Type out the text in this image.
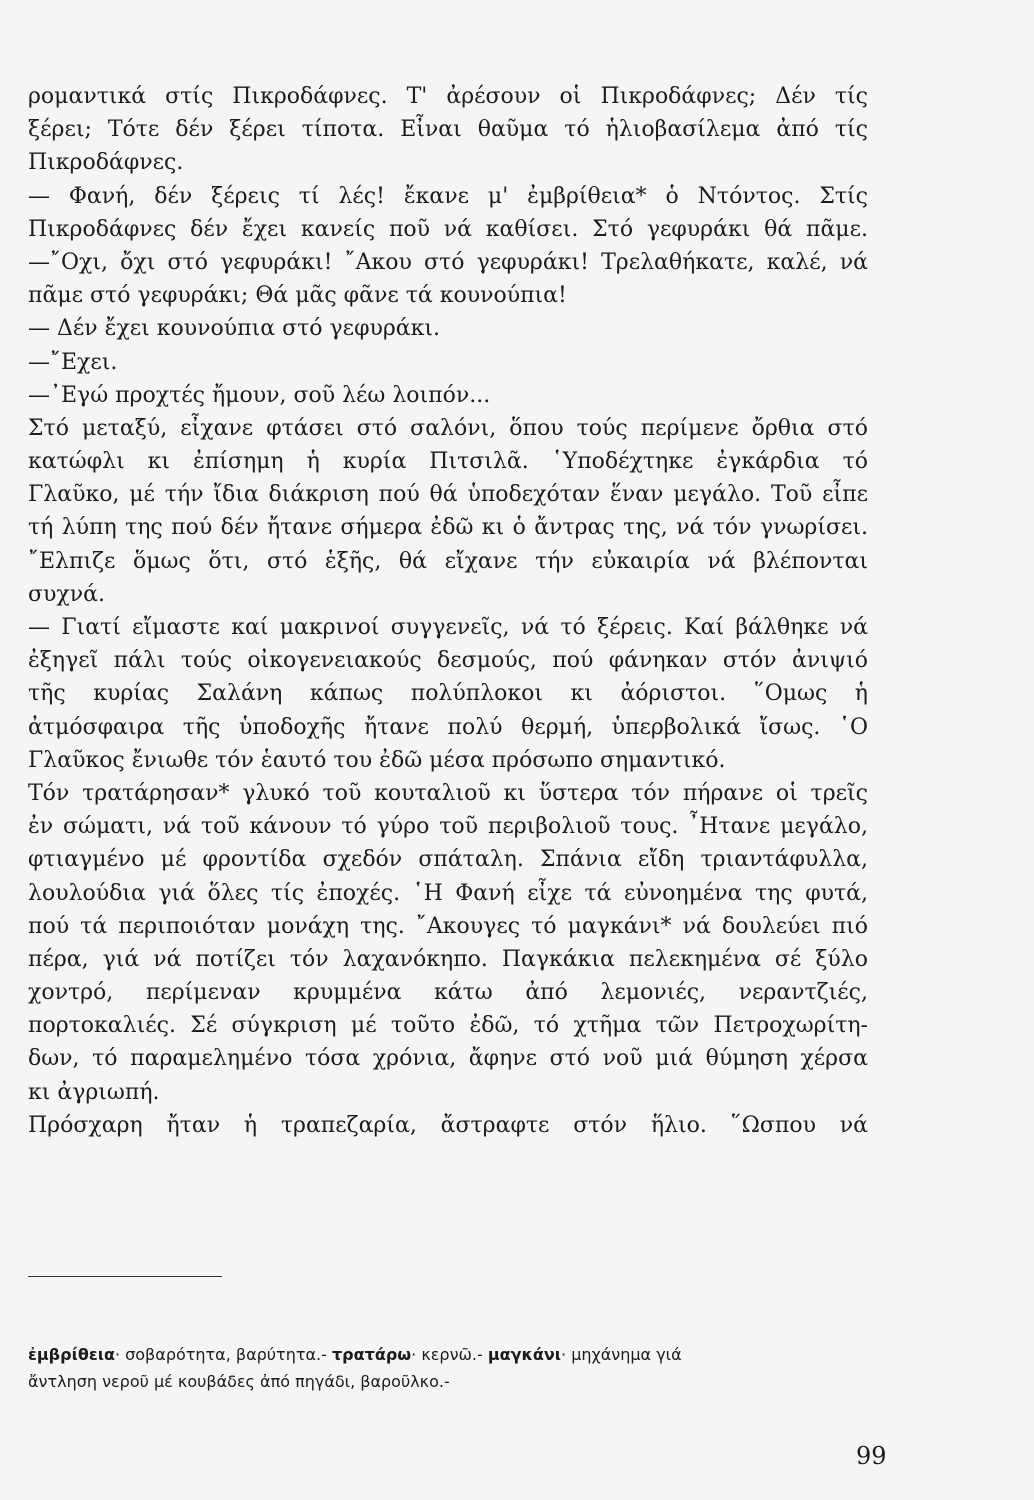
ρομαντικά στίς Πικροδάφνες. Τ' ἀρέσουν οἱ Πικροδάφνες; Δέν τίς
ξέρει; Τότε δέν ξέρει τίποτα. Εἶναι θαῦμα τό ἡλιοβασίλεμα ἀπό τίς
Πικροδάφνες.
— Φανή, δέν ξέρεις τί λές! ἔκανε μ' ἐμβρίθεια* ὁ Ντόντος. Στίς
Πικροδάφνες δέν ἔχει κανείς ποῦ νά καθίσει. Στό γεφυράκι θά πᾶμε.
—῎Οχι, ὄχι στό γεφυράκι! ῎Ακου στό γεφυράκι! Τρελαθήκατε, καλέ, νά
πᾶμε στό γεφυράκι; Θά μᾶς φᾶνε τά κουνούπια!
— Δέν ἔχει κουνούπια στό γεφυράκι.
—῎Εχει.
—᾿Εγώ προχτές ἤμουν, σοῦ λέω λοιπόν...
Στό μεταξύ, εἶχανε φτάσει στό σαλόνι, ὅπου τούς περίμενε ὄρθια στό
κατώφλι κι ἐπίσημη ἡ κυρία Πιτσιλᾶ. ῾Υποδέχτηκε ἐγκάρδια τό
Γλαῦκο, μέ τήν ἴδια διάκριση πού θά ὑποδεχόταν ἕναν μεγάλο. Τοῦ εἶπε
τή λύπη της πού δέν ἤτανε σήμερα ἐδῶ κι ὁ ἄντρας της, νά τόν γνωρίσει.
῎Ελπιζε ὅμως ὅτι, στό ἑξῆς, θά εἴχανε τήν εὐκαιρία νά βλέπονται
συχνά.
— Γιατί εἴμαστε καί μακρινοί συγγενεῖς, νά τό ξέρεις. Καί βάλθηκε νά
ἐξηγεῖ πάλι τούς οἰκογενειακούς δεσμούς, πού φάνηκαν στόν ἀνιψιό
τῆς κυρίας Σαλάνη κάπως πολύπλοκοι κι ἀόριστοι. ῞Ομως ἡ
ἀτμόσφαιρα τῆς ὑποδοχῆς ἤτανε πολύ θερμή, ὑπερβολικά ἴσως. ῾Ο
Γλαῦκος ἔνιωθε τόν ἑαυτό του ἐδῶ μέσα πρόσωπο σημαντικό.
Τόν τρατάρησαν* γλυκό τοῦ κουταλιοῦ κι ὕστερα τόν πήρανε οἱ τρεῖς
ἐν σώματι, νά τοῦ κάνουν τό γύρο τοῦ περιβολιοῦ τους. ῏Ητανε μεγάλο,
φτιαγμένο μέ φροντίδα σχεδόν σπάταλη. Σπάνια εἴδη τριαντάφυλλα,
λουλούδια γιά ὅλες τίς ἐποχές. ῾Η Φανή εἶχε τά εὐνοημένα της φυτά,
πού τά περιποιόταν μονάχη της. ῎Ακουγες τό μαγκάνι* νά δουλεύει πιό
πέρα, γιά νά ποτίζει τόν λαχανόκηπο. Παγκάκια πελεκημένα σέ ξύλο
χοντρό, περίμεναν κρυμμένα κάτω ἀπό λεμονιές, νεραντζιές,
πορτοκαλιές. Σέ σύγκριση μέ τοῦτο ἐδῶ, τό χτῆμα τῶν Πετροχωρίτη-
δων, τό παραμελημένο τόσα χρόνια, ἄφηνε στό νοῦ μιά θύμηση χέρσα
κι ἀγριωπή.
Πρόσχαρη ἤταν ἡ τραπεζαρία, ἄστραφτε στόν ἥλιο. ῞Ωσπου νά
ἐμβρίθεια· σοβαρότητα, βαρύτητα.- τρατάρω· κερνῶ.- μαγκάνι· μηχάνημα γιά
ἄντληση νεροῦ μέ κουβάδες ἀπό πηγάδι, βαροῦλκο.-
99
